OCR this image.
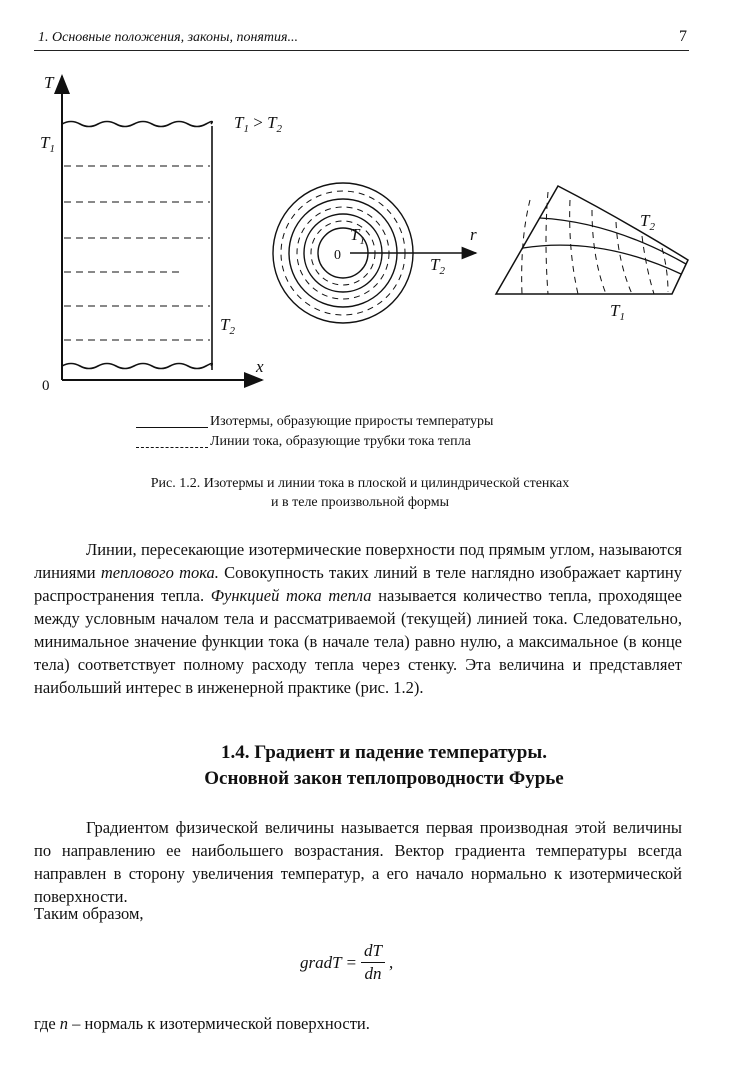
1. Основные положения, законы, понятия...	7
T
$T_1$
$T_1 > T_2$
$T_2$
x
0
0
$T_1$
$T_2$
r
$T_2$
$T_1$
Изотермы, образующие приросты температуры
Линии тока, образующие трубки тока тепла
Рис. 1.2. Изотермы и линии тока в плоской и цилиндрической стенках
и в теле произвольной формы

Линии, пересекающие изотермические поверхности под прямым углом, называются линиями теплового тока. Совокупность таких линий в теле наглядно изображает картину распространения тепла. Функцией тока тепла называется количество тепла, проходящее между условным началом тела и рассматриваемой (текущей) линией тока. Следовательно, минимальное значение функции тока (в начале тела) равно нулю, а максимальное (в конце тела) соответствует полному расходу тепла через стенку. Эта величина и представляет наибольший интерес в инженерной практике (рис. 1.2).

1.4. Градиент и падение температуры.
Основной закон теплопроводности Фурье

Градиентом физической величины называется первая производная этой величины по направлению ее наибольшего возрастания. Вектор градиента температуры всегда направлен в сторону увеличения температур, а его начало нормально к изотермической поверхности.

Таким образом,

gradT = $\frac{dT}{dn}$ ,

где n – нормаль к изотермической поверхности.
